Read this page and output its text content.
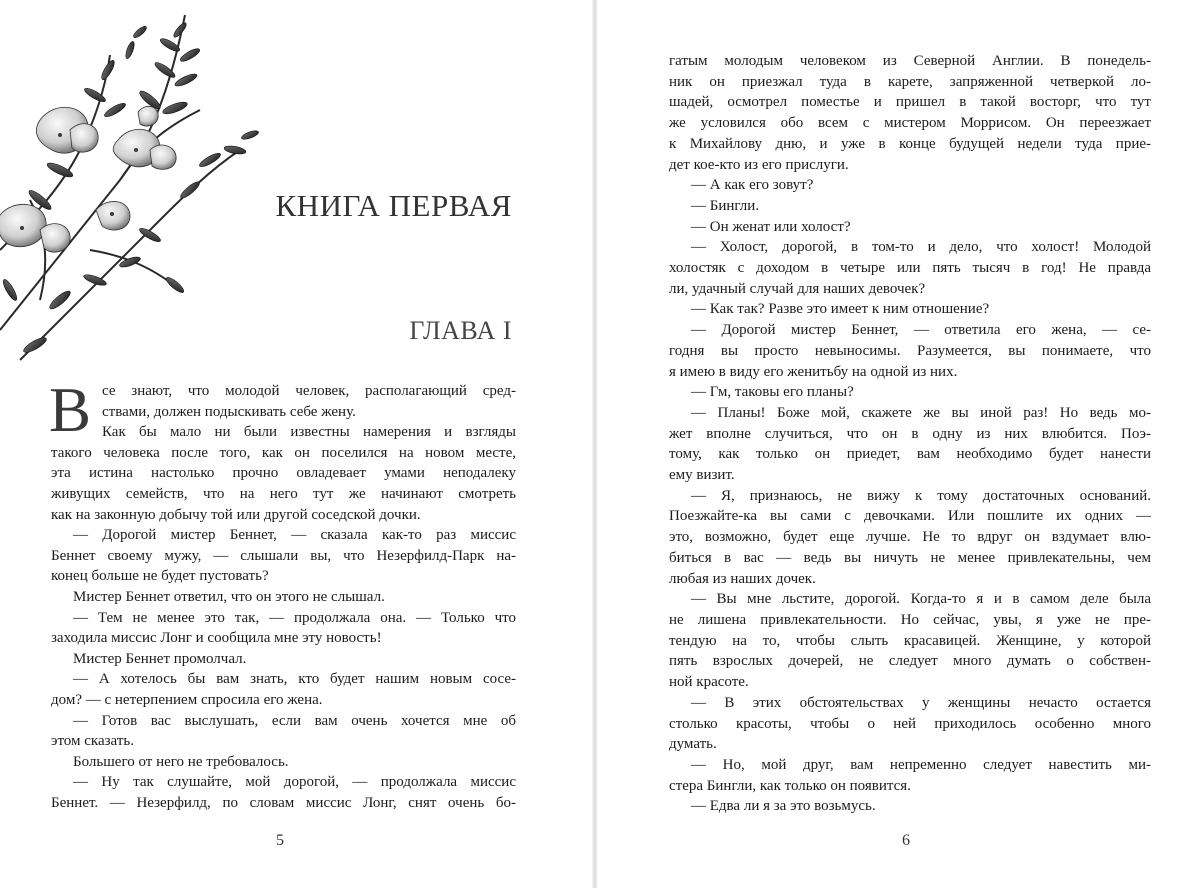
КНИГА ПЕРВАЯ
ГЛАВА I
В се знают, что молодой человек, располагающий сред-
ствами, должен подыскивать себе жену.
Как бы мало ни были известны намерения и взгляды
такого человека после того, как он поселился на новом месте,
эта истина настолько прочно овладевает умами неподалеку
живущих семейств, что на него тут же начинают смотреть
как на законную добычу той или другой соседской дочки.
— Дорогой мистер Беннет, — сказала как-то раз миссис
Беннет своему мужу, — слышали вы, что Незерфилд-Парк на-
конец больше не будет пустовать?
Мистер Беннет ответил, что он этого не слышал.
— Тем не менее это так, — продолжала она. — Только что
заходила миссис Лонг и сообщила мне эту новость!
Мистер Беннет промолчал.
— А хотелось бы вам знать, кто будет нашим новым сосе-
дом? — с нетерпением спросила его жена.
— Готов вас выслушать, если вам очень хочется мне об
этом сказать.
Большего от него не требовалось.
— Ну так слушайте, мой дорогой, — продолжала миссис
Беннет. — Незерфилд, по словам миссис Лонг, снят очень бо-
5
гатым молодым человеком из Северной Англии. В понедель-
ник он приезжал туда в карете, запряженной четверкой ло-
шадей, осмотрел поместье и пришел в такой восторг, что тут
же условился обо всем с мистером Моррисом. Он переезжает
к Михайлову дню, и уже в конце будущей недели туда прие-
дет кое-кто из его прислуги.
— А как его зовут?
— Бингли.
— Он женат или холост?
— Холост, дорогой, в том-то и дело, что холост! Молодой
холостяк с доходом в четыре или пять тысяч в год! Не правда
ли, удачный случай для наших девочек?
— Как так? Разве это имеет к ним отношение?
— Дорогой мистер Беннет, — ответила его жена, — се-
годня вы просто невыносимы. Разумеется, вы понимаете, что
я имею в виду его женитьбу на одной из них.
— Гм, таковы его планы?
— Планы! Боже мой, скажете же вы иной раз! Но ведь мо-
жет вполне случиться, что он в одну из них влюбится. Поэ-
тому, как только он приедет, вам необходимо будет нанести
ему визит.
— Я, признаюсь, не вижу к тому достаточных оснований.
Поезжайте-ка вы сами с девочками. Или пошлите их одних —
это, возможно, будет еще лучше. Не то вдруг он вздумает влю-
биться в вас — ведь вы ничуть не менее привлекательны, чем
любая из наших дочек.
— Вы мне льстите, дорогой. Когда-то я и в самом деле была
не лишена привлекательности. Но сейчас, увы, я уже не пре-
тендую на то, чтобы слыть красавицей. Женщине, у которой
пять взрослых дочерей, не следует много думать о собствен-
ной красоте.
— В этих обстоятельствах у женщины нечасто остается
столько красоты, чтобы о ней приходилось особенно много
думать.
— Но, мой друг, вам непременно следует навестить ми-
стера Бингли, как только он появится.
— Едва ли я за это возьмусь.
6
